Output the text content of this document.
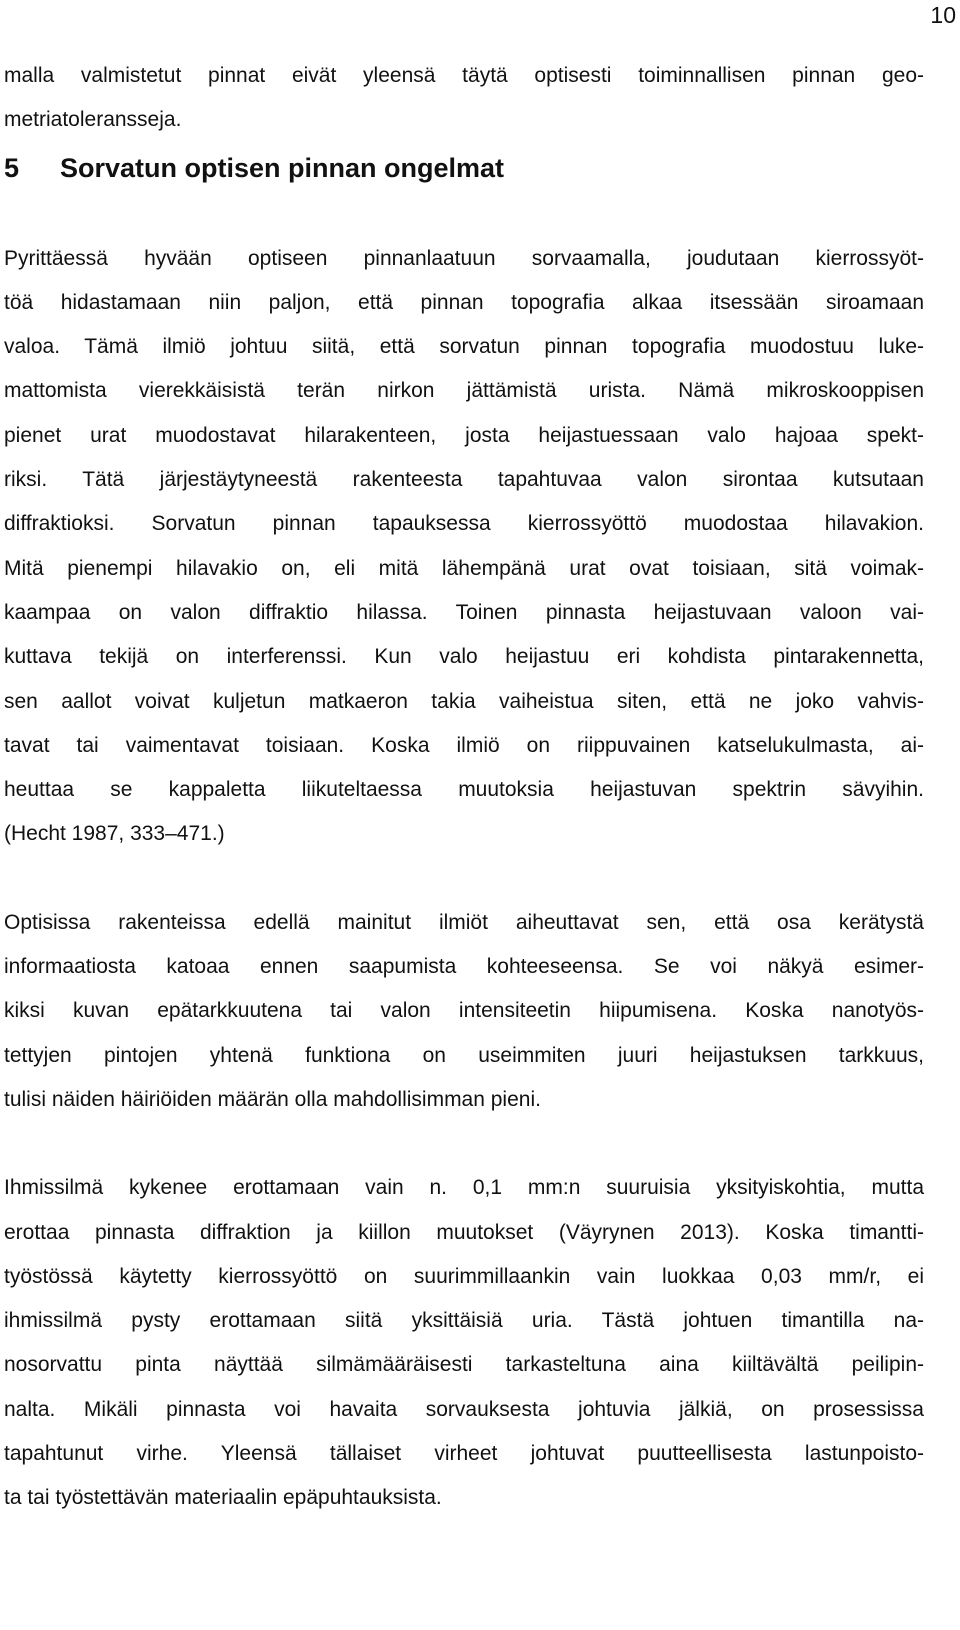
10
malla valmistetut pinnat eivät yleensä täytä optisesti toiminnallisen pinnan geo-
metriatoleransseja.
5 Sorvatun optisen pinnan ongelmat
Pyrittäessä hyvään optiseen pinnanlaatuun sorvaamalla, joudutaan kierrossyöt-
töä hidastamaan niin paljon, että pinnan topografia alkaa itsessään siroamaan
valoa. Tämä ilmiö johtuu siitä, että sorvatun pinnan topografia muodostuu luke-
mattomista vierekkäisistä terän nirkon jättämistä urista. Nämä mikroskooppisen
pienet urat muodostavat hilarakenteen, josta heijastuessaan valo hajoaa spekt-
riksi. Tätä järjestäytyneestä rakenteesta tapahtuvaa valon sirontaa kutsutaan
diffraktioksi. Sorvatun pinnan tapauksessa kierrossyöttö muodostaa hilavakion.
Mitä pienempi hilavakio on, eli mitä lähempänä urat ovat toisiaan, sitä voimak-
kaampaa on valon diffraktio hilassa. Toinen pinnasta heijastuvaan valoon vai-
kuttava tekijä on interferenssi. Kun valo heijastuu eri kohdista pintarakennetta,
sen aallot voivat kuljetun matkaeron takia vaiheistua siten, että ne joko vahvis-
tavat tai vaimentavat toisiaan. Koska ilmiö on riippuvainen katselukulmasta, ai-
heuttaa se kappaletta liikuteltaessa muutoksia heijastuvan spektrin sävyihin.
(Hecht 1987, 333–471.)
Optisissa rakenteissa edellä mainitut ilmiöt aiheuttavat sen, että osa kerätystä
informaatiosta katoaa ennen saapumista kohteeseensa. Se voi näkyä esimer-
kiksi kuvan epätarkkuutena tai valon intensiteetin hiipumisena. Koska nanotyös-
tettyjen pintojen yhtenä funktiona on useimmiten juuri heijastuksen tarkkuus,
tulisi näiden häiriöiden määrän olla mahdollisimman pieni.
Ihmissilmä kykenee erottamaan vain n. 0,1 mm:n suuruisia yksityiskohtia, mutta
erottaa pinnasta diffraktion ja kiillon muutokset (Väyrynen 2013). Koska timantti-
työstössä käytetty kierrossyöttö on suurimmillaankin vain luokkaa 0,03 mm/r, ei
ihmissilmä pysty erottamaan siitä yksittäisiä uria. Tästä johtuen timantilla na-
nosorvattu pinta näyttää silmämääräisesti tarkasteltuna aina kiiltävältä peilipin-
nalta. Mikäli pinnasta voi havaita sorvauksesta johtuvia jälkiä, on prosessissa
tapahtunut virhe. Yleensä tällaiset virheet johtuvat puutteellisesta lastunpoisto-
ta tai työstettävän materiaalin epäpuhtauksista.
